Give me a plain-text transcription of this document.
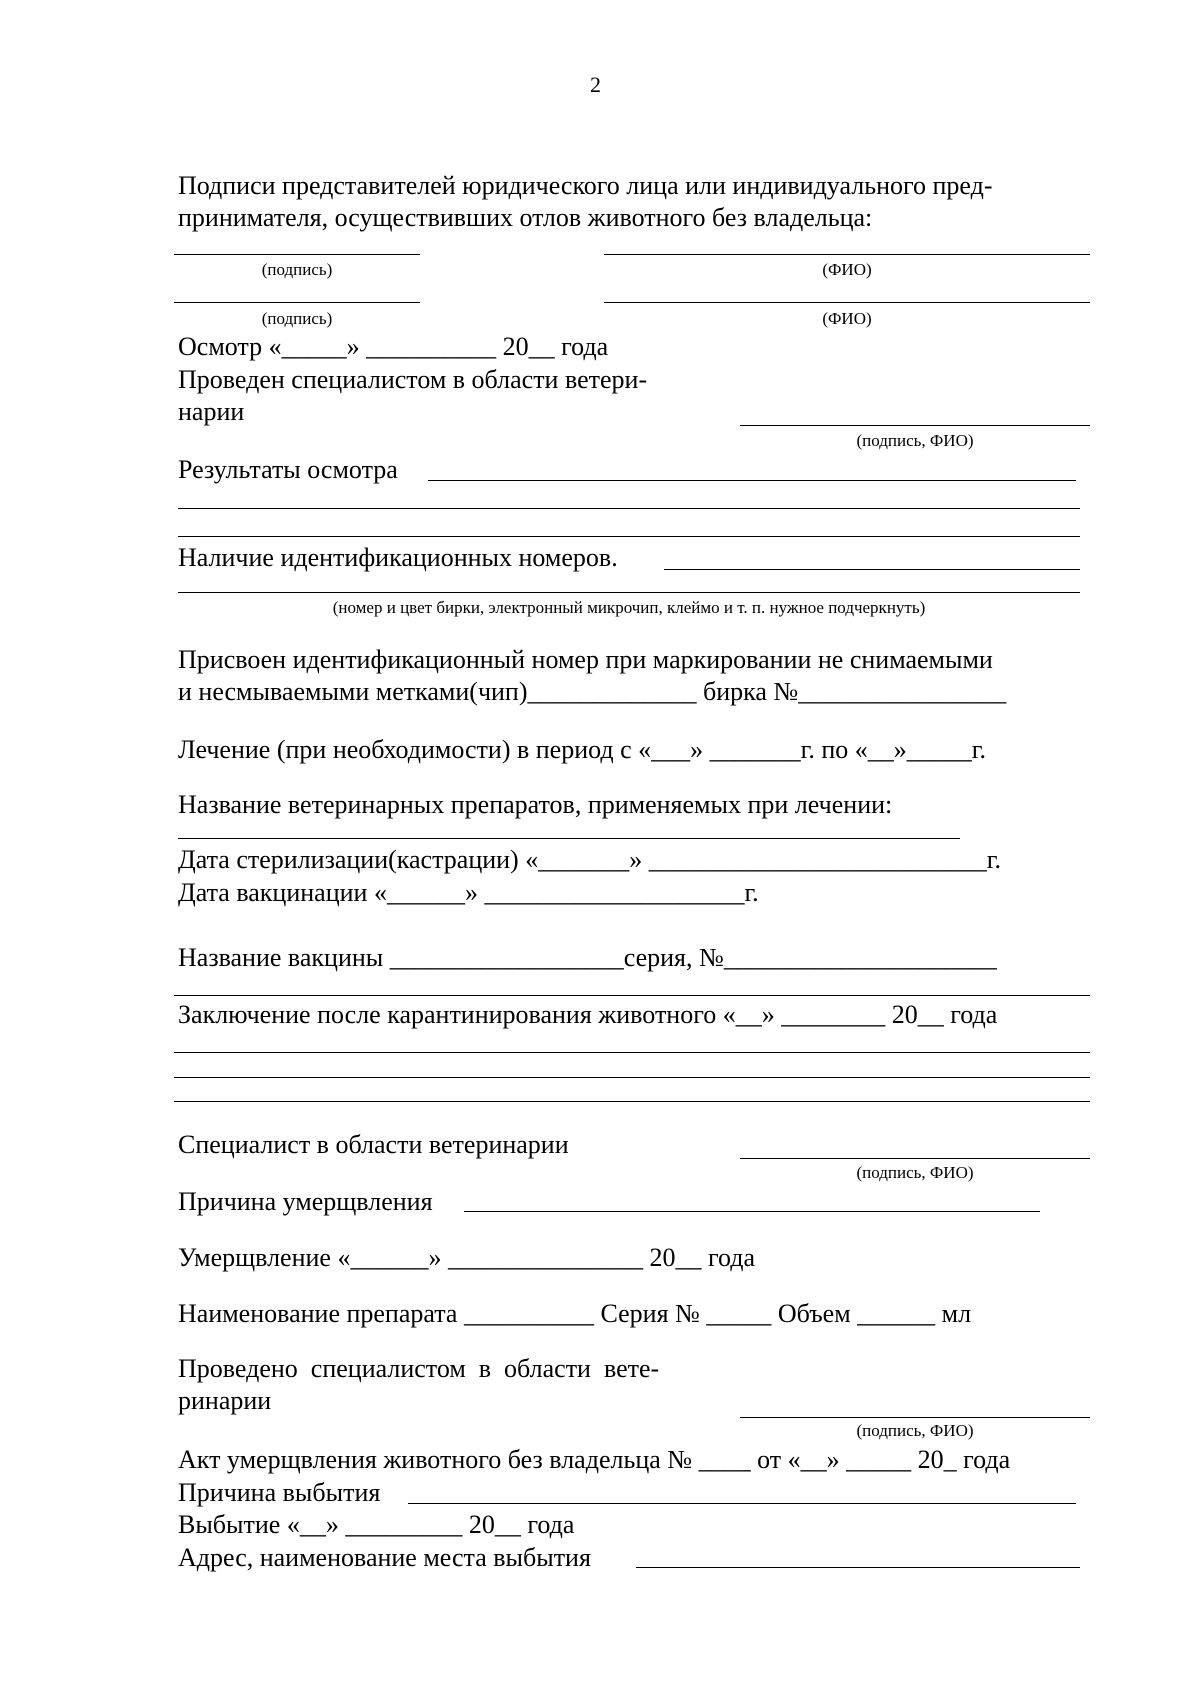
2
Подписи представителей юридического лица или индивидуального пред-
принимателя, осуществивших отлов животного без владельца:
(подпись)	(ФИО)
(подпись)	(ФИО)
Осмотр «_____» __________ 20__ года
Проведен специалистом в области ветери-
нарии
(подпись, ФИО)
Результаты осмотра
Наличие идентификационных номеров.
(номер и цвет бирки, электронный микрочип, клеймо и т. п. нужное подчеркнуть)
Присвоен идентификационный номер при маркировании не снимаемыми
и несмываемыми метками(чип)_____________ бирка №________________
Лечение (при необходимости) в период с «___» _______г. по «__»_____г.
Название ветеринарных препаратов, применяемых при лечении:
Дата стерилизации(кастрации) «_______» __________________________г.
Дата вакцинации «______» ____________________г.
Название вакцины __________________серия, №_____________________
Заключение после карантинирования животного «__» ________ 20__ года
Специалист в области ветеринарии
(подпись, ФИО)
Причина умерщвления
Умерщвление «______» _______________ 20__ года
Наименование препарата __________ Серия № _____ Объем ______ мл
Проведено  специалистом  в  области  вете-
ринарии
(подпись, ФИО)
Акт умерщвления животного без владельца № ____ от «__» _____ 20_ года
Причина выбытия
Выбытие «__» _________ 20__ года
Адрес, наименование места выбытия
